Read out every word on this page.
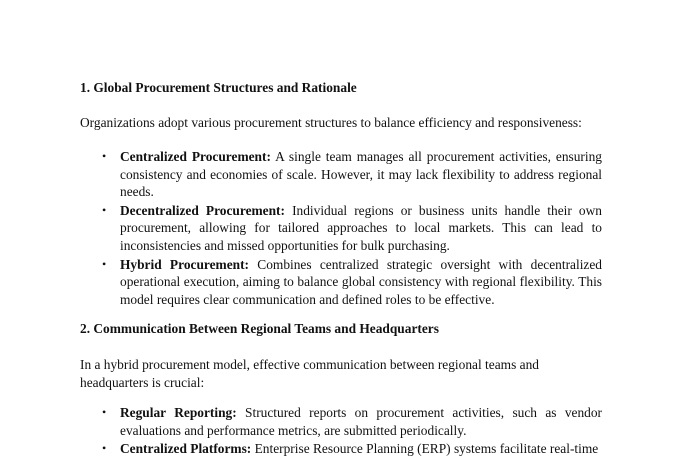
1. Global Procurement Structures and Rationale

Organizations adopt various procurement structures to balance efficiency and responsiveness:

• Centralized Procurement: A single team manages all procurement activities, ensuring consistency and economies of scale. However, it may lack flexibility to address regional needs.
• Decentralized Procurement: Individual regions or business units handle their own procurement, allowing for tailored approaches to local markets. This can lead to inconsistencies and missed opportunities for bulk purchasing.
• Hybrid Procurement: Combines centralized strategic oversight with decentralized operational execution, aiming to balance global consistency with regional flexibility. This model requires clear communication and defined roles to be effective.
2. Communication Between Regional Teams and Headquarters

In a hybrid procurement model, effective communication between regional teams and headquarters is crucial:

• Regular Reporting: Structured reports on procurement activities, such as vendor evaluations and performance metrics, are submitted periodically.
• Centralized Platforms: Enterprise Resource Planning (ERP) systems facilitate real-time
